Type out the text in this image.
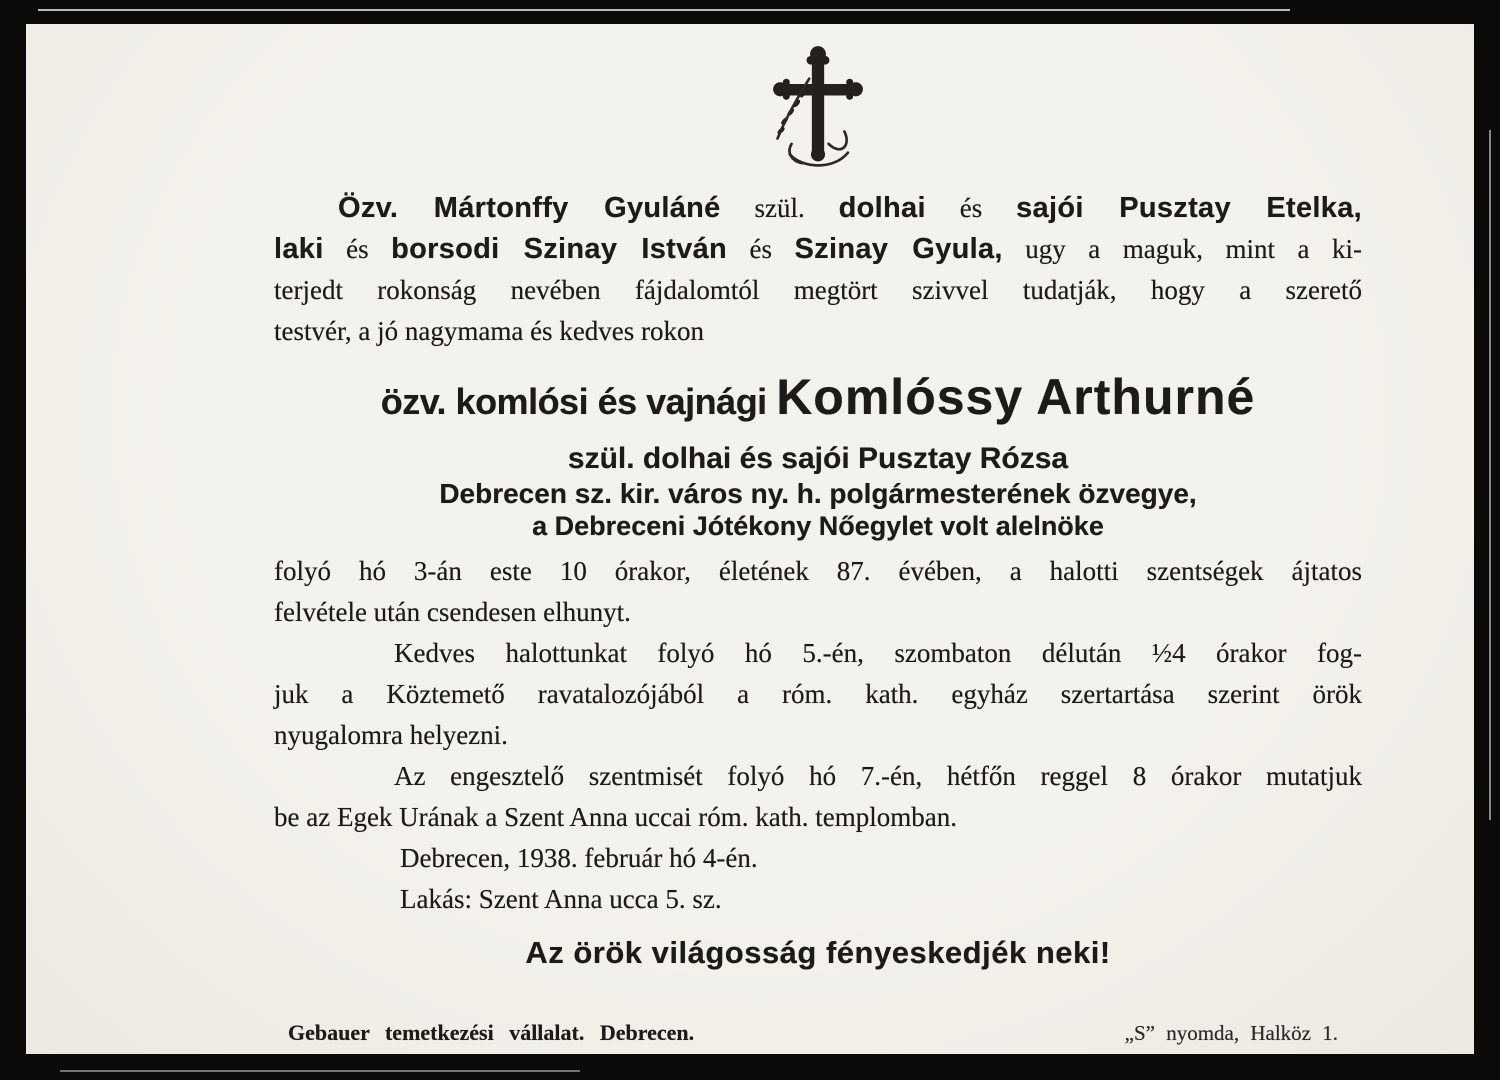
Özv. Mártonffy Gyuláné szül. dolhai és sajói Pusztay Etelka,
laki és borsodi Szinay István és Szinay Gyula, ugy a maguk, mint a ki-
terjedt rokonság nevében fájdalomtól megtört szivvel tudatják, hogy a szerető
testvér, a jó nagymama és kedves rokon
özv. komlósi és vajnági Komlóssy Arthurné
szül. dolhai és sajói Pusztay Rózsa
Debrecen sz. kir. város ny. h. polgármesterének özvegye,
a Debreceni Jótékony Nőegylet volt alelnöke
folyó hó 3-án este 10 órakor, életének 87. évében, a halotti szentségek ájtatos
felvétele után csendesen elhunyt.
Kedves halottunkat folyó hó 5.-én, szombaton délután ½4 órakor fog-
juk a Köztemető ravatalozójából a róm. kath. egyház szertartása szerint örök
nyugalomra helyezni.
Az engesztelő szentmisét folyó hó 7.-én, hétfőn reggel 8 órakor mutatjuk
be az Egek Urának a Szent Anna uccai róm. kath. templomban.
Debrecen, 1938. február hó 4-én.
Lakás: Szent Anna ucca 5. sz.
Az örök világosság fényeskedjék neki!
Gebauer temetkezési vállalat. Debrecen.	„S” nyomda, Halköz 1.
